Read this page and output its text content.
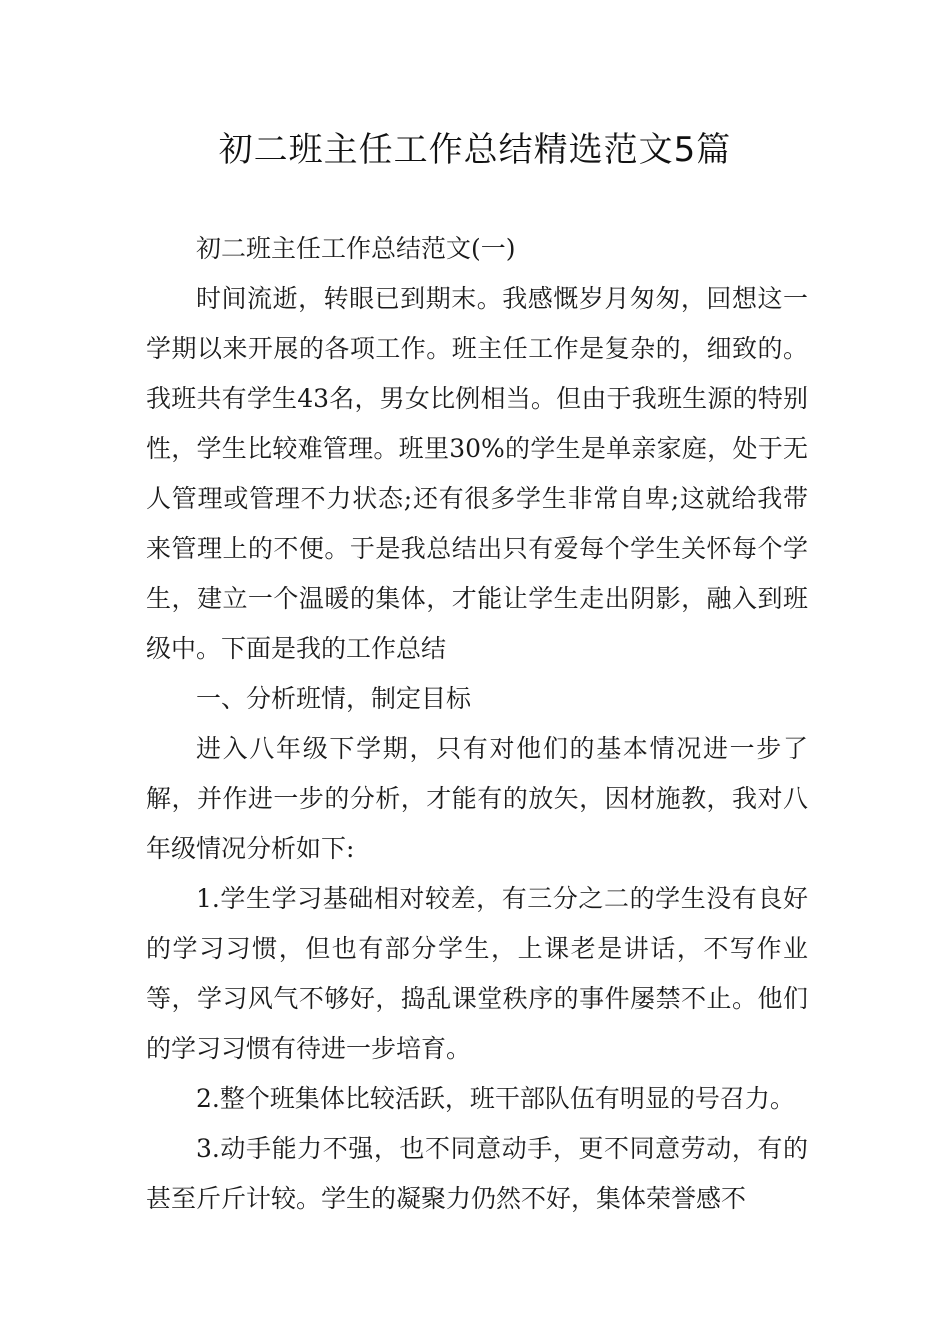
初二班主任工作总结精选范文5篇

初二班主任工作总结范文(一)

时间流逝，转眼已到期末。我感慨岁月匆匆，回想这一学期以来开展的各项工作。班主任工作是复杂的，细致的。我班共有学生43名，男女比例相当。但由于我班生源的特别性，学生比较难管理。班里30%的学生是单亲家庭，处于无人管理或管理不力状态;还有很多学生非常自卑;这就给我带来管理上的不便。于是我总结出只有爱每个学生关怀每个学生，建立一个温暖的集体，才能让学生走出阴影，融入到班级中。下面是我的工作总结

一、分析班情，制定目标

进入八年级下学期，只有对他们的基本情况进一步了解，并作进一步的分析，才能有的放矢，因材施教，我对八年级情况分析如下:

1.学生学习基础相对较差，有三分之二的学生没有良好的学习习惯，但也有部分学生，上课老是讲话，不写作业等，学习风气不够好，捣乱课堂秩序的事件屡禁不止。他们的学习习惯有待进一步培育。

2.整个班集体比较活跃，班干部队伍有明显的号召力。

3.动手能力不强，也不同意动手，更不同意劳动，有的甚至斤斤计较。学生的凝聚力仍然不好，集体荣誉感不
